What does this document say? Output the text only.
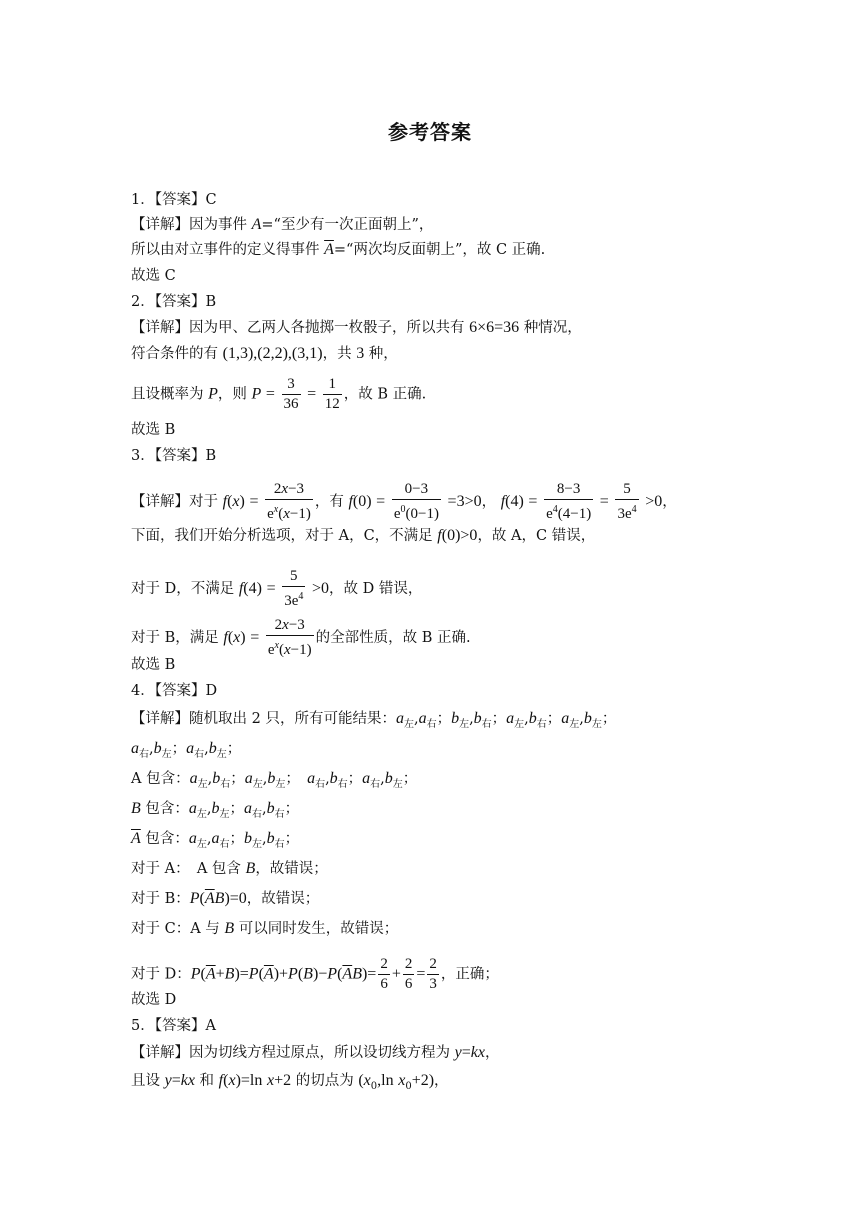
参考答案
1．【答案】C
【详解】因为事件 A=“至少有一次正面朝上”，
所以由对立事件的定义得事件 $\overline{A}=“$两次均反面朝上”，故 C 正确.
故选 C
2．【答案】B
【详解】因为甲、乙两人各抛掷一枚骰子，所以共有 6×6=36 种情况，
符合条件的有 (1,3),(2,2),(3,1)，共 3 种，
且设概率为 P，则 $P = \frac{3}{36} = \frac{1}{12}$ ，故 B 正确.
故选 B
3．【答案】B
【详解】对于 $f(x) = \frac{2x-3}{e^x(x-1)}$ ，有 $f(0) = \frac{0-3}{e^0(0-1)} =3>0$， $f(4) = \frac{8-3}{e^4(4-1)} = \frac{5}{3e^4} >0$，
下面，我们开始分析选项，对于 A，C，不满足 f(0)>0，故 A，C 错误，
对于 D，不满足 $f(4) = \frac{5}{3e^4} >0$，故 D 错误，
对于 B，满足 $f(x) = \frac{2x-3}{e^x(x-1)}$ 的全部性质，故 B 正确.
故选 B
4．【答案】D
【详解】随机取出 2 只，所有可能结果：$a_左,a_右$；$b_左,b_右$；$a_左,b_右$；$a_左,b_左$；
$a_右,b_左$；$a_右,b_左$；
A 包含：$a_左,b_右$；$a_左,b_左$；　$a_右,b_右$；$a_右,b_左$；
B 包含：$a_左,b_左$；$a_右,b_右$；
$\overline{A}$ 包含：$a_左,a_右$；$b_左,b_右$；
对于 A：　A 包含 B，故错误；
对于 B：$P(\overline{A}B)=0$，故错误；
对于 C：A 与 B 可以同时发生，故错误；
对于 D：$P(\overline{A}+B)=P(\overline{A})+P(B)-P(\overline{A}B)= \frac{2}{6} + \frac{2}{6} = \frac{2}{3}$ ，正确；
故选 D
5．【答案】A
【详解】因为切线方程过原点，所以设切线方程为 y=kx，
且设 y=kx 和 f(x)=ln x+2 的切点为 ($x_0,\ln$ $x_0+2$)，
